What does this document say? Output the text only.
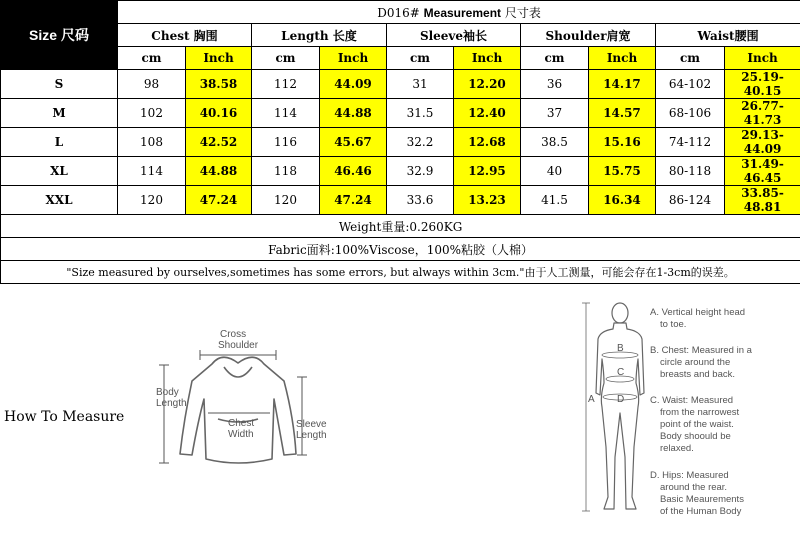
Size 尺码	D016# Measurement 尺寸表									
	Chest 胸围		Length 长度		Sleeve袖长		Shoulder肩宽		Waist腰围	
	cm	Inch	cm	Inch	cm	Inch	cm	Inch	cm	Inch
S	98	38.58	112	44.09	31	12.20	36	14.17	64-102	25.19-40.15
M	102	40.16	114	44.88	31.5	12.40	37	14.57	68-106	26.77-41.73
L	108	42.52	116	45.67	32.2	12.68	38.5	15.16	74-112	29.13-44.09
XL	114	44.88	118	46.46	32.9	12.95	40	15.75	80-118	31.49-46.45
XXL	120	47.24	120	47.24	33.6	13.23	41.5	16.34	86-124	33.85-48.81
Weight重量:0.260KG										
Fabric面料:100%Viscose，100%粘胶（人棉）										
"Size measured by ourselves,sometimes has some errors, but always within 3cm."由于人工测量，可能会存在1-3cm的误差。										
How To Measure
Cross
Shoulder
Body
Length
Chest
Width
Sleeve
Length
B
C
D
A
A. Vertical height head
to toe.
B. Chest: Measured in a
circle around the
breasts and back.
C. Waist: Measured
from the narrowest
point of the waist.
Body shoould be
relaxed.
D. Hips: Measured
around the rear.
Basic Meaurements
of the Human Body
